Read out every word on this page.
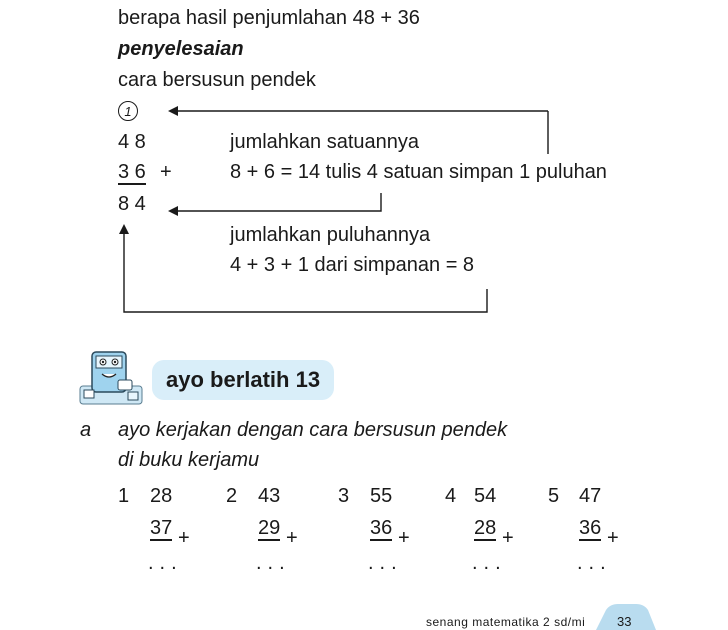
berapa hasil penjumlahan 48 + 36
penyelesaian
cara bersusun pendek
1
4 8
3 6 +
8 4
jumlahkan satuannya
8 + 6 = 14 tulis 4 satuan simpan 1 puluhan
jumlahkan puluhannya
4 + 3 + 1 dari simpanan = 8
ayo berlatih 13
a ayo kerjakan dengan cara bersusun pendek
di buku kerjamu
1 28
37 +
...
2 43
29 +
...
3 55
36 +
...
4 54
28 +
...
5 47
36 +
...
senang matematika 2 sd/mi 33
